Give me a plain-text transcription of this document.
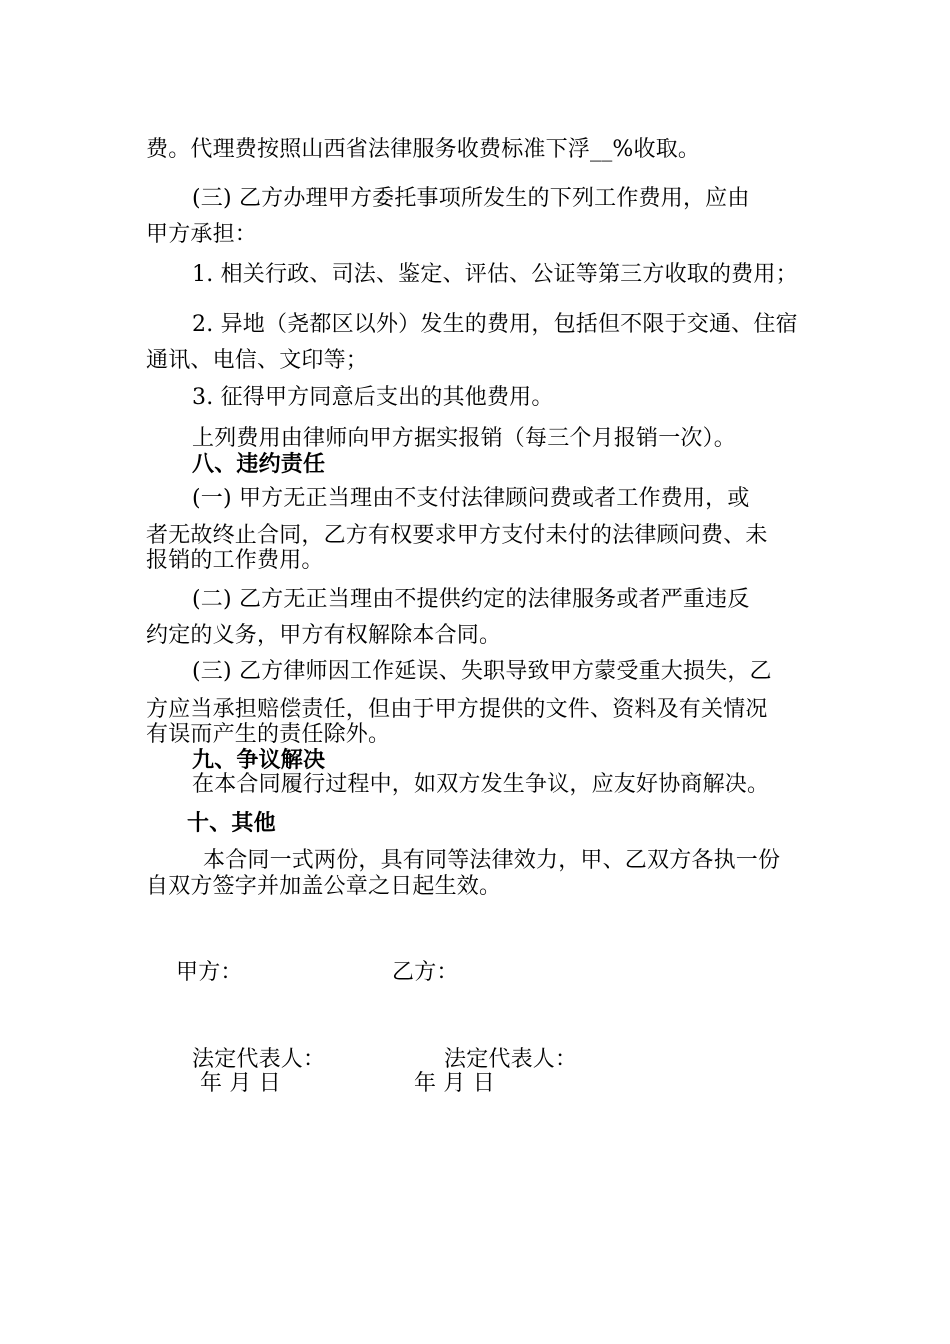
费。代理费按照山西省法律服务收费标准下浮__%收取。
(三) 乙方办理甲方委托事项所发生的下列工作费用，应由
甲方承担：
1. 相关行政、司法、鉴定、评估、公证等第三方收取的费用；
2. 异地（尧都区以外）发生的费用，包括但不限于交通、住宿
通讯、电信、文印等；
3. 征得甲方同意后支出的其他费用。
上列费用由律师向甲方据实报销（每三个月报销一次）。
八、违约责任
(一) 甲方无正当理由不支付法律顾问费或者工作费用，或
者无故终止合同，乙方有权要求甲方支付未付的法律顾问费、未
报销的工作费用。
(二) 乙方无正当理由不提供约定的法律服务或者严重违反
约定的义务，甲方有权解除本合同。
(三) 乙方律师因工作延误、失职导致甲方蒙受重大损失，乙
方应当承担赔偿责任，但由于甲方提供的文件、资料及有关情况
有误而产生的责任除外。
九、争议解决
在本合同履行过程中，如双方发生争议，应友好协商解决。
十、其他
本合同一式两份，具有同等法律效力，甲、乙双方各执一份
自双方签字并加盖公章之日起生效。
甲方：	乙方：
法定代表人：	法定代表人：
年 月 日	年 月 日
